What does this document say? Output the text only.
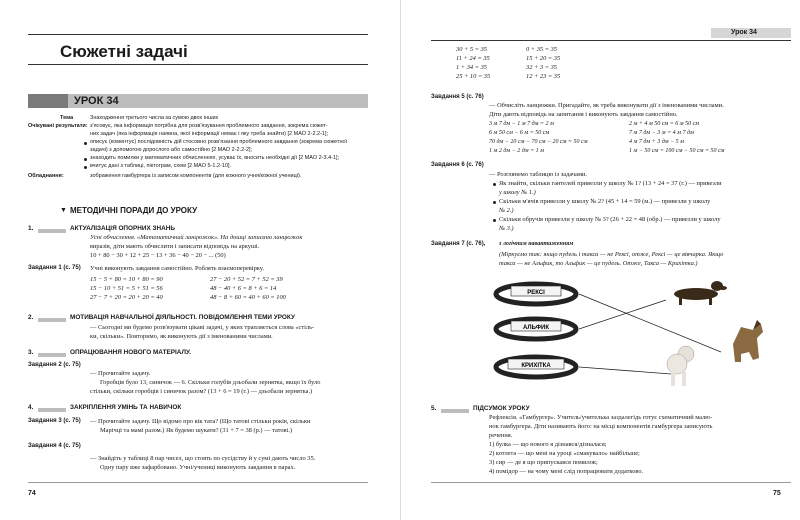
Сюжетні задачі
УРОК 34
Тема	Знаходження третього числа за сумою двох інших
Очікувані результати: з'ясовує, яка інформація потрібна для розв'язування проблемного завдання, зокрема сюжет-
них задач (яка інформація наявна, якої інформації немає і яку треба знайти) [2 МАО 2-2.2-1];
описує (коментує) послідовність дій стосовно розв'язання проблемного завдання (зокрема сюжетної
задачі) з допомогою дорослого або самостійно [2 МАО 2-2.2-2];
знаходить помилки у математичних обчисленнях, усуває їх, вносить необхідні дії [2 МАО 2-3.4-1];
вчитує дані з таблиці, піктограм, схем [2 МАО 5-1.2-10].
Обладнання:	зображення гамбургера із записом компонентів (для кожного учня/кожної учениці).
▼ МЕТОДИЧНІ ПОРАДИ ДО УРОКУ
1.	АКТУАЛІЗАЦІЯ ОПОРНИХ ЗНАНЬ
Усні обчислення. «Математичний ланцюжок». На дошці записано ланцюжок
виразів, діти мають обчислити і записати відповідь на аркуші.
10 + 80 − 30 + 12 + 25 − 13 + 36 − 40 − 20 − ... (50)
Завдання 1 (с. 75) Учні виконують завдання самостійно. Роблять взаємоперевірку.
15 − 5 + 80 = 10 + 80 = 90	27 − 20 + 52 = 7 + 52 = 39
15 − 10 + 51 = 5 + 51 = 56	48 − 40 + 6 = 8 + 6 = 14
27 − 7 + 20 = 20 + 20 = 40	48 − 8 + 60 = 40 + 60 = 100
2.	МОТИВАЦІЯ НАВЧАЛЬНОЇ ДІЯЛЬНОСТІ. ПОВІДОМЛЕННЯ ТЕМИ УРОКУ
— Сьогодні ми будемо розв'язувати цікаві задачі, у яких трапляється слова «стіль-
ки, скільки». Повторимо, як виконують дії з іменованими числами.
3.	ОПРАЦЮВАННЯ НОВОГО МАТЕРІАЛУ.
Завдання 2 (с. 75)
— Прочитайте задачу.
Горобців було 13, синичок — 6. Скільки голубів дзьобали зернятка, якщо їх було
стільки, скільки горобців і синичок разом? (13 + 6 = 19 (г.) — дзьобали зернятка.)
4.	ЗАКРІПЛЕННЯ УМІНЬ ТА НАВИЧОК
Завдання 3 (с. 75) — Прочитайте задачу. Що відомо про вік тата? (Що татові стільки років, скільки
Марічці та мамі разом.) Як будемо шукати? (31 + 7 = 38 (р.) — татові.)
Завдання 4 (с. 75)
— Знайдіть у таблиці 8 пар чисел, що стоять по сусідству й у сумі дають число 35.
Одну пару вже зафарбовано. Учні/учениці виконують завдання в парах.
74
Урок 34
30 + 5 = 35	0 + 35 = 35
11 + 24 = 35	15 + 20 = 35
1 + 34 = 35	32 + 3 = 35
25 + 10 = 35	12 + 23 = 35
Завдання 5 (с. 76)
— Обчисліть ланцюжки. Пригадайте, як треба виконувати дії з іменованими числами.
Діти дають відповідь на запитання і виконують завдання самостійно.
3 м 7 дм − 1 м 7 дм = 2 м	2 м + 4 м 50 см = 6 м 50 см
6 м 50 см − 6 м = 50 см	7 м 7 дм − 3 м = 4 м 7 дм
70 дм − 20 см − 70 см − 20 см = 50 см	4 м 7 дм + 3 дм − 5 м
1 м 2 дм − 2 дм = 1 м	1 м − 50 см = 100 см − 50 см = 50 см
Завдання 6 (с. 76)
— Розглянемо таблицю із задачами.
Як знайти, скільки гантелей привезли у школу № 1? (13 + 24 = 37 (г.) — привезли
у школу № 1.)
Скільки м'ячів привезли у школу № 2? (45 + 14 = 59 (м.) — привезли у школу
№ 2.)
Скільки обручів привезли у школу № 3? (26 + 22 = 48 (обр.) — привезли у школу
№ 3.)
Завдання 7 (с. 76), з логічним навантаженням
(Міркуємо так: якщо пудель і такса — не Рексі, отже, Рексі — це вівчарка. Якщо
такса — не Альфик, то Альфик — це пудель. Отже, Такса — Крихітка.)
РЕКСІ
АЛЬФИК
КРИХІТКА
5.	ПІДСУМОК УРОКУ
Рефлексія. «Гамбургер». Учитель/учителька заздалегідь готує схематичний малю-
нок гамбургера. Діти називають його: на місці компонентів гамбургера записують
речення.
1) булка — що нового я дізнався/дізналася;
2) котлета — що мені на уроці «смакувало» найбільше;
3) сир — де я що припускався помилок;
4) помідор — на чому мені слід попрацювати додатково.
75
